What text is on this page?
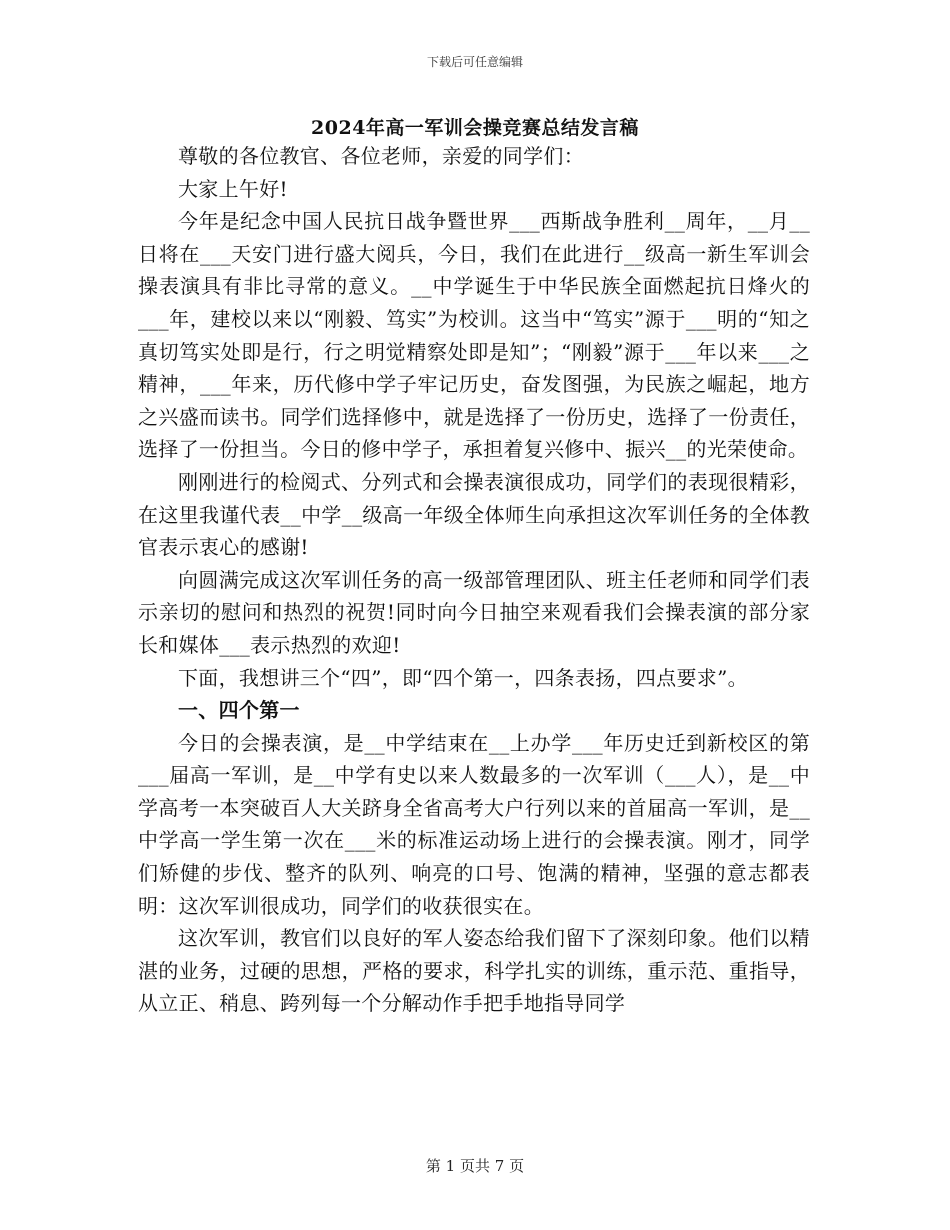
下载后可任意编辑
2024年高一军训会操竞赛总结发言稿

尊敬的各位教官、各位老师，亲爱的同学们：

大家上午好!

今年是纪念中国人民抗日战争暨世界___西斯战争胜利__周年，__月__日将在___天安门进行盛大阅兵，今日，我们在此进行__级高一新生军训会操表演具有非比寻常的意义。__中学诞生于中华民族全面燃起抗日烽火的___年，建校以来以“刚毅、笃实”为校训。这当中“笃实”源于___明的“知之真切笃实处即是行，行之明觉精察处即是知”；“刚毅”源于___年以来___之精神，___年来，历代修中学子牢记历史，奋发图强，为民族之崛起，地方之兴盛而读书。同学们选择修中，就是选择了一份历史，选择了一份责任，选择了一份担当。今日的修中学子，承担着复兴修中、振兴__的光荣使命。

刚刚进行的检阅式、分列式和会操表演很成功，同学们的表现很精彩，在这里我谨代表__中学__级高一年级全体师生向承担这次军训任务的全体教官表示衷心的感谢!

向圆满完成这次军训任务的高一级部管理团队、班主任老师和同学们表示亲切的慰问和热烈的祝贺!同时向今日抽空来观看我们会操表演的部分家长和媒体___表示热烈的欢迎!

下面，我想讲三个“四”，即“四个第一，四条表扬，四点要求”。

一、四个第一

今日的会操表演，是__中学结束在__上办学___年历史迁到新校区的第___届高一军训，是__中学有史以来人数最多的一次军训（___人），是__中学高考一本突破百人大关跻身全省高考大户行列以来的首届高一军训，是__中学高一学生第一次在___米的标准运动场上进行的会操表演。刚才，同学们矫健的步伐、整齐的队列、响亮的口号、饱满的精神，坚强的意志都表明：这次军训很成功，同学们的收获很实在。

这次军训，教官们以良好的军人姿态给我们留下了深刻印象。他们以精湛的业务，过硬的思想，严格的要求，科学扎实的训练，重示范、重指导，从立正、稍息、跨列每一个分解动作手把手地指导同学

第 1 页共 7 页
